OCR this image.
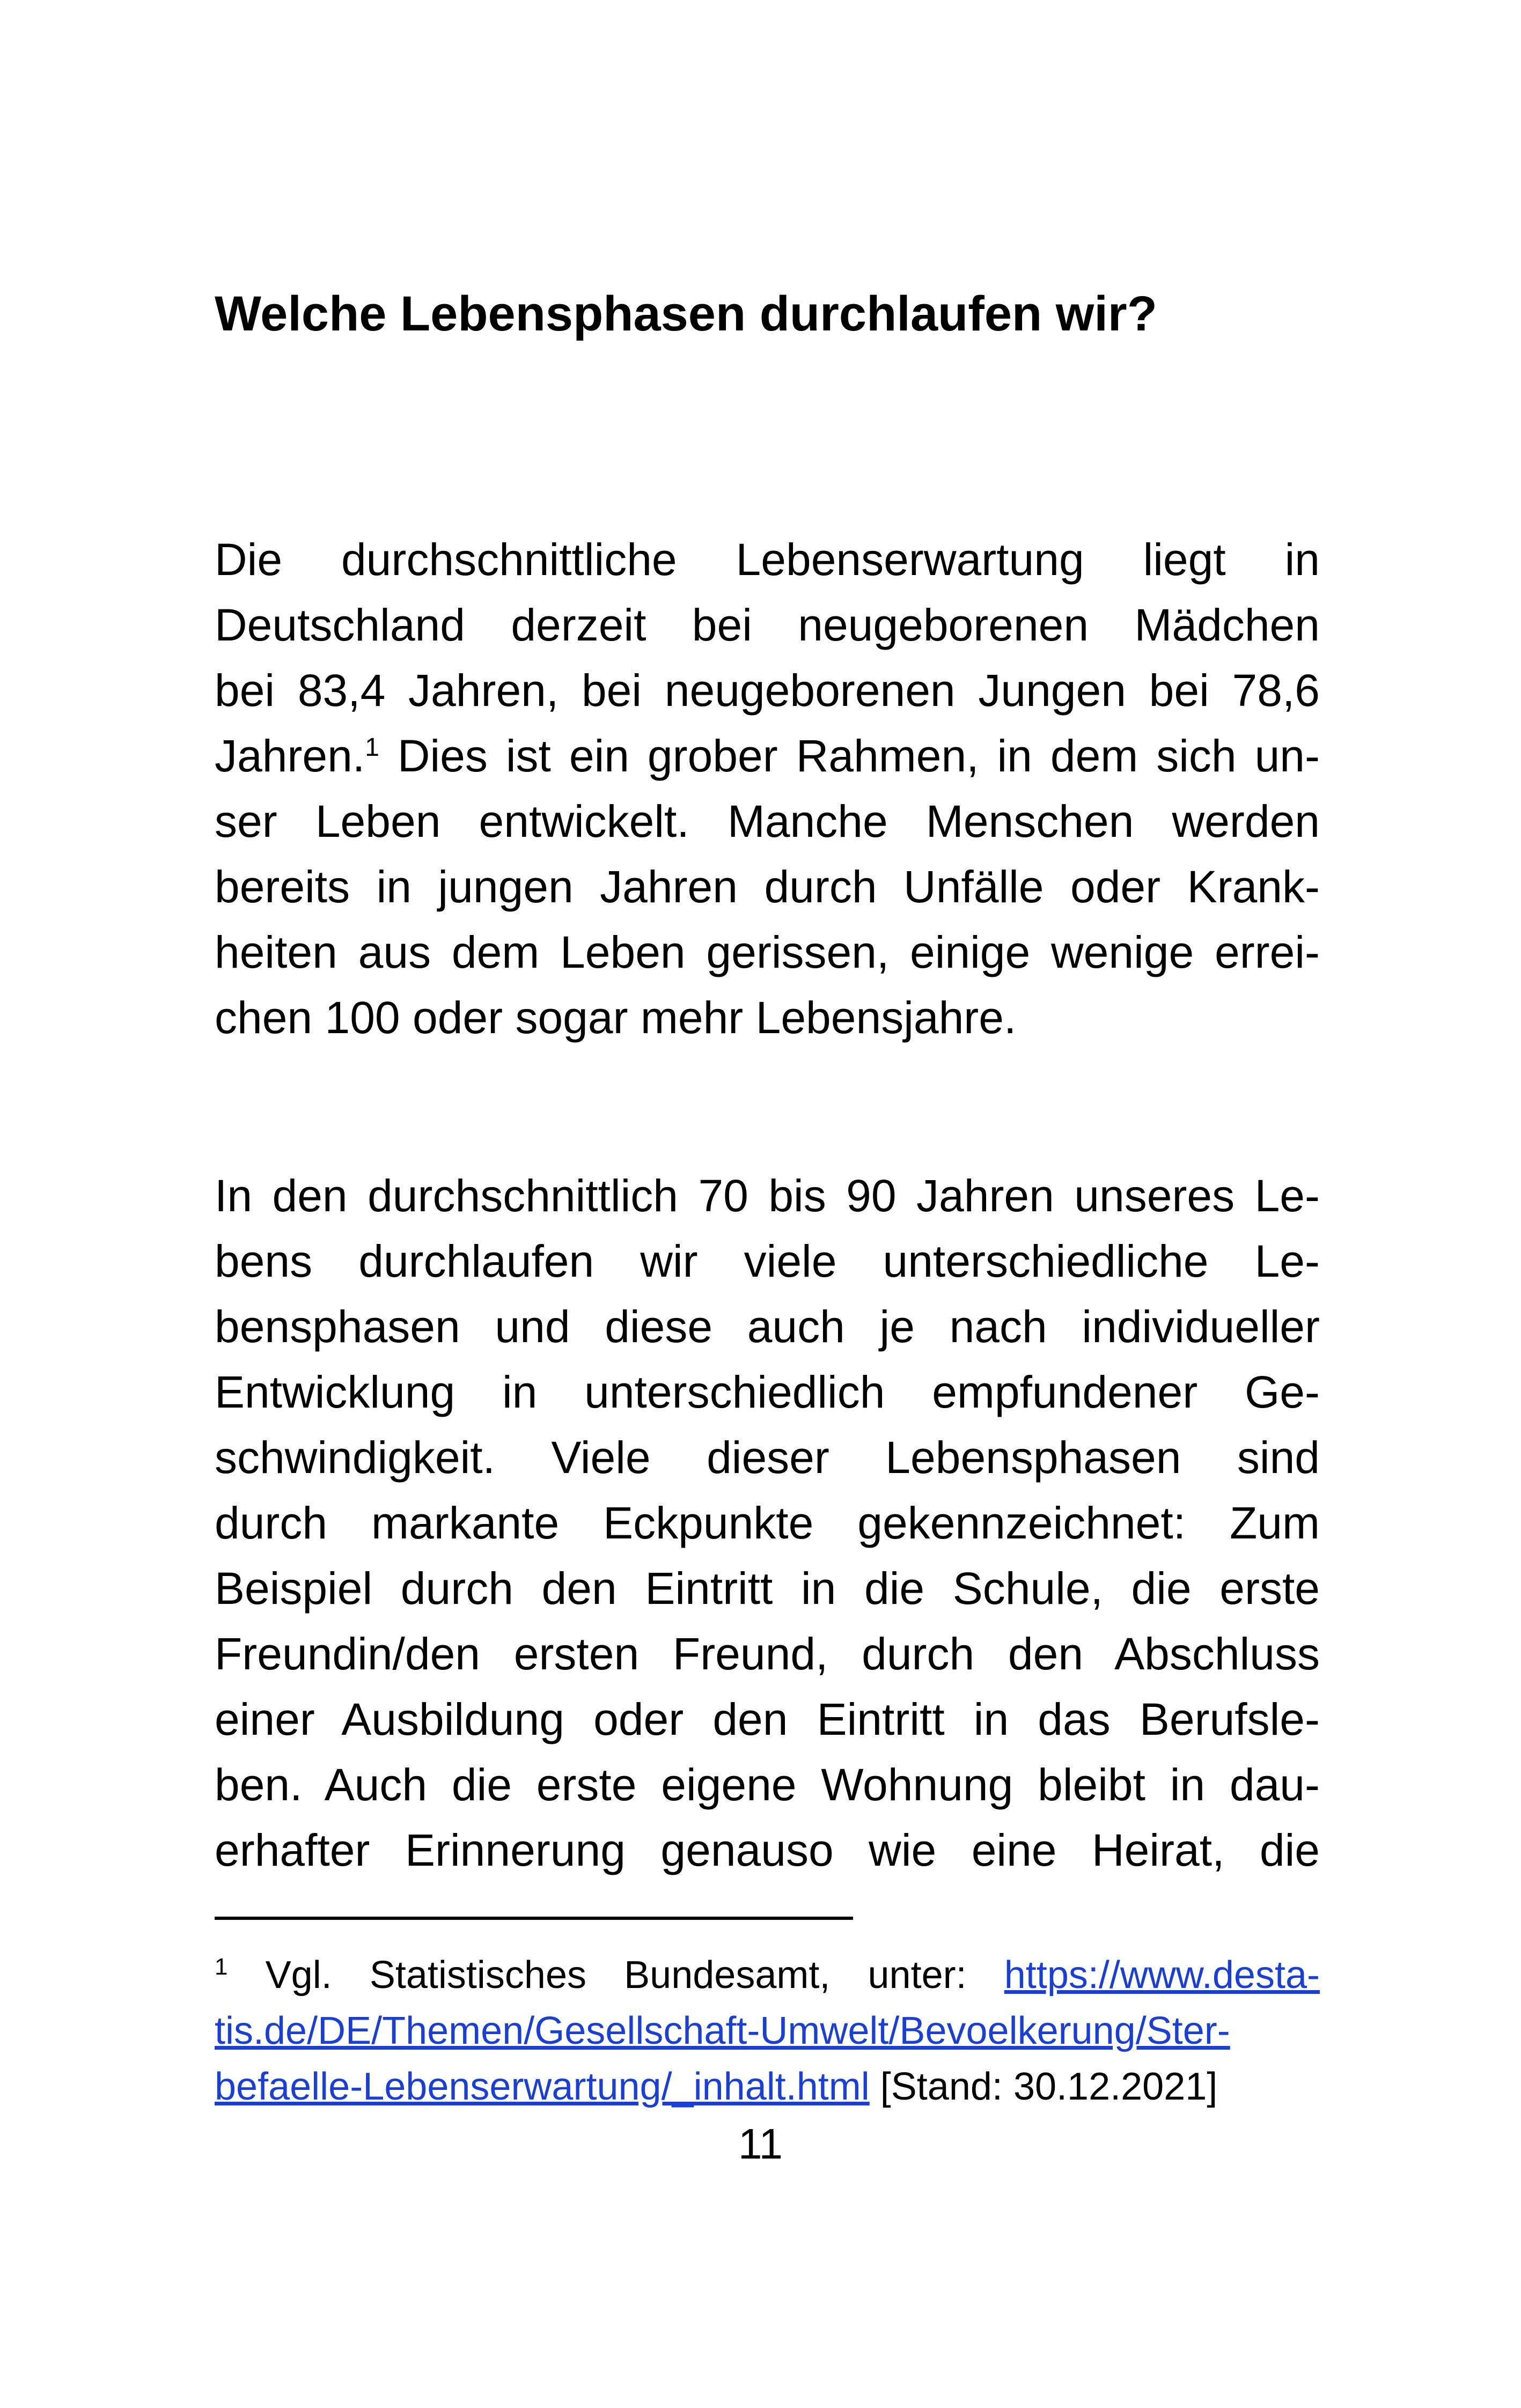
Welche Lebensphasen durchlaufen wir?
Die durchschnittliche Lebenserwartung liegt in
Deutschland derzeit bei neugeborenen Mädchen
bei 83,4 Jahren, bei neugeborenen Jungen bei 78,6
Jahren.$^1$ Dies ist ein grober Rahmen, in dem sich un-
ser Leben entwickelt. Manche Menschen werden
bereits in jungen Jahren durch Unfälle oder Krank-
heiten aus dem Leben gerissen, einige wenige errei-
chen 100 oder sogar mehr Lebensjahre.
In den durchschnittlich 70 bis 90 Jahren unseres Le-
bens durchlaufen wir viele unterschiedliche Le-
bensphasen und diese auch je nach individueller
Entwicklung in unterschiedlich empfundener Ge-
schwindigkeit. Viele dieser Lebensphasen sind
durch markante Eckpunkte gekennzeichnet: Zum
Beispiel durch den Eintritt in die Schule, die erste
Freundin/den ersten Freund, durch den Abschluss
einer Ausbildung oder den Eintritt in das Berufsle-
ben. Auch die erste eigene Wohnung bleibt in dau-
erhafter Erinnerung genauso wie eine Heirat, die
$^1$ Vgl. Statistisches Bundesamt, unter: https://www.desta-
tis.de/DE/Themen/Gesellschaft-Umwelt/Bevoelkerung/Ster-
befaelle-Lebenserwartung/_inhalt.html [Stand: 30.12.2021]
11
